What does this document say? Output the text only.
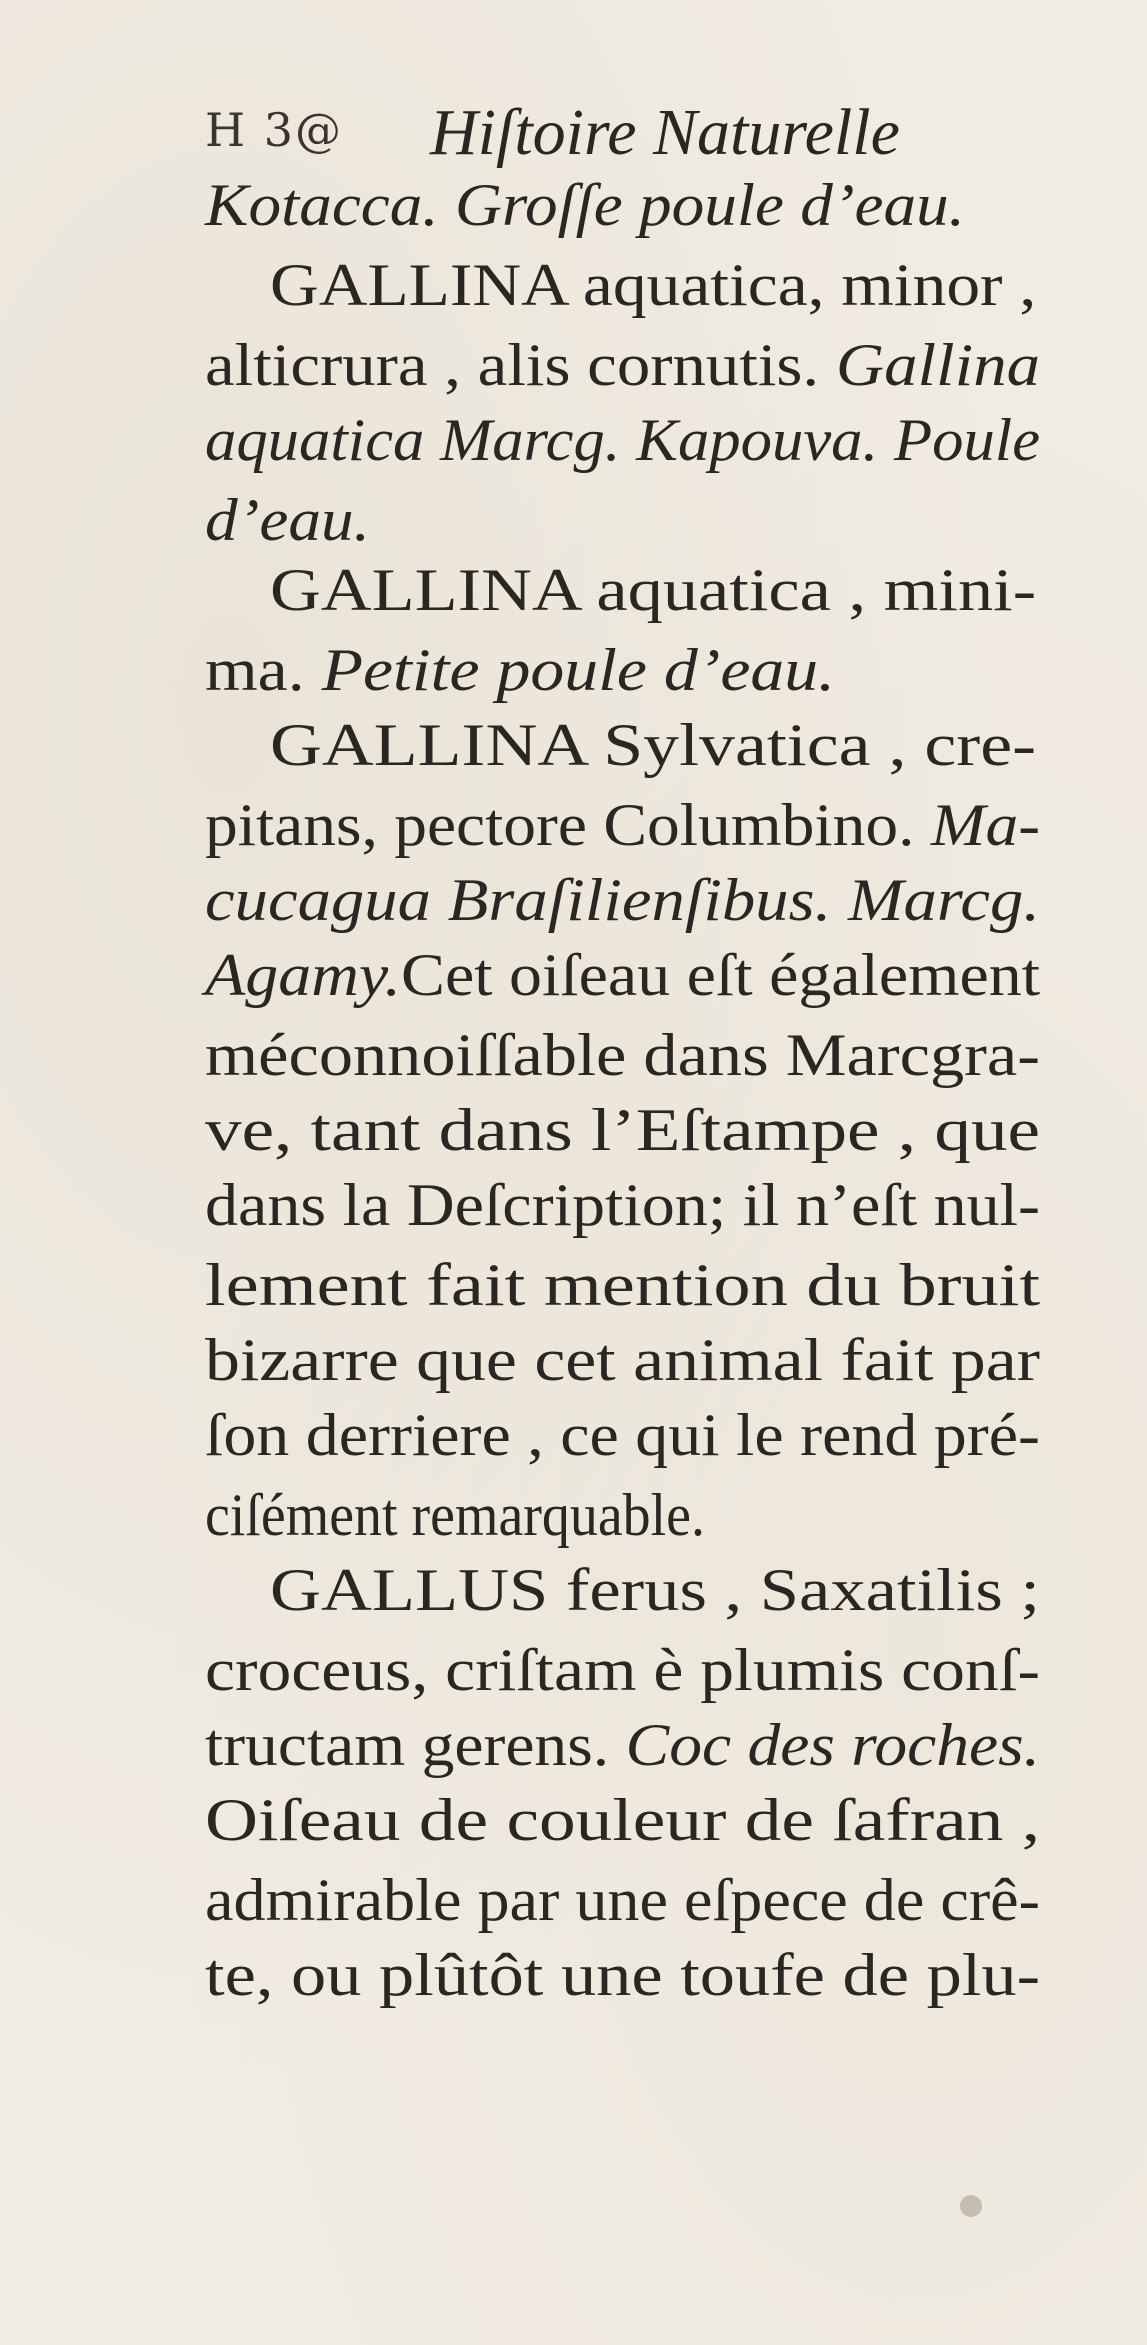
H 3@ Hiſtoire Naturelle
Kotacca. Groſſe poule d’eau.
GALLINA aquatica, minor ,
alticrura , alis cornutis. Gallina
aquatica Marcg. Kapouva. Poule
d’eau.
GALLINA aquatica , mini-
ma. Petite poule d’eau.
GALLINA Sylvatica , cre-
pitans, pectore Columbino. Ma-
cucagua Braſilienſibus. Marcg.
Agamy.Cet oiſeau eſt également
méconnoiſſable dans Marcgra-
ve, tant dans l’Eſtampe , que
dans la Deſcription; il n’eſt nul-
lement fait mention du bruit
bizarre que cet animal fait par
ſon derriere , ce qui le rend pré-
ciſément remarquable.
GALLUS ferus , Saxatilis ;
croceus, criſtam è plumis conſ-
tructam gerens. Coc des roches.
Oiſeau de couleur de ſafran ,
admirable par une eſpece de crê-
te, ou plûtôt une toufe de plu-
